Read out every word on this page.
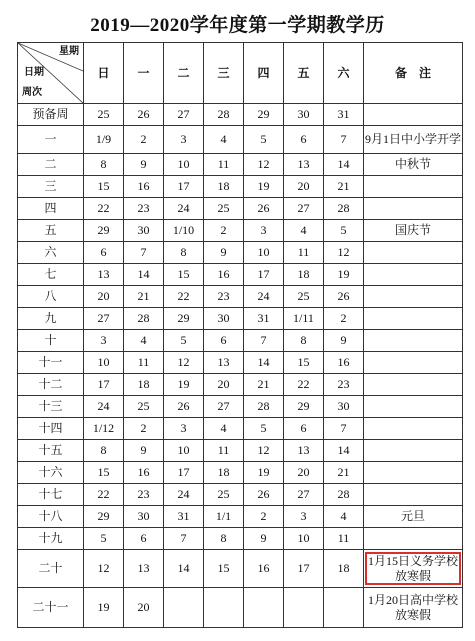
2019—2020学年度第一学期教学历
星期
日期
周次	日	一	二	三	四	五	六	备　注
预备周	25	26	27	28	29	30	31	
一	1/9	2	3	4	5	6	7	9月1日中小学开学
二	8	9	10	11	12	13	14	中秋节
三	15	16	17	18	19	20	21	
四	22	23	24	25	26	27	28	
五	29	30	1/10	2	3	4	5	国庆节
六	6	7	8	9	10	11	12	
七	13	14	15	16	17	18	19	
八	20	21	22	23	24	25	26	
九	27	28	29	30	31	1/11	2	
十	3	4	5	6	7	8	9	
十一	10	11	12	13	14	15	16	
十二	17	18	19	20	21	22	23	
十三	24	25	26	27	28	29	30	
十四	1/12	2	3	4	5	6	7	
十五	8	9	10	11	12	13	14	
十六	15	16	17	18	19	20	21	
十七	22	23	24	25	26	27	28	
十八	29	30	31	1/1	2	3	4	元旦
十九	5	6	7	8	9	10	11	
二十	12	13	14	15	16	17	18	1月15日义务学校放寒假
二十一	19	20						1月20日高中学校放寒假
